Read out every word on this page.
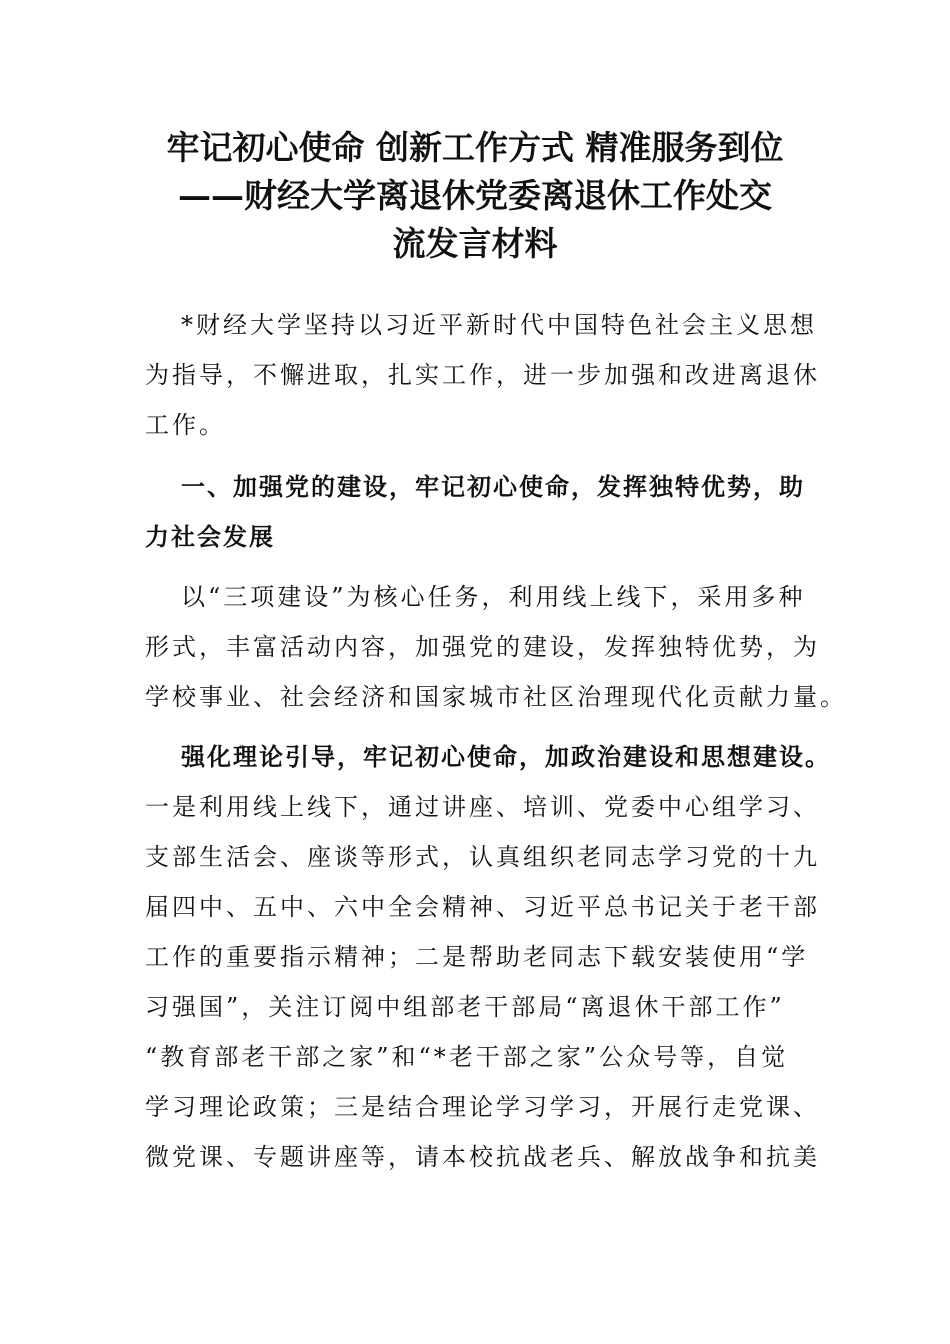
牢记初心使命 创新工作方式 精准服务到位
——财经大学离退休党委离退休工作处交
流发言材料
*财经大学坚持以习近平新时代中国特色社会主义思想
为指导，不懈进取，扎实工作，进一步加强和改进离退休
工作。
一、加强党的建设，牢记初心使命，发挥独特优势，助
力社会发展
以“三项建设”为核心任务，利用线上线下，采用多种
形式，丰富活动内容，加强党的建设，发挥独特优势，为
学校事业、社会经济和国家城市社区治理现代化贡献力量。
强化理论引导，牢记初心使命，加政治建设和思想建设。
一是利用线上线下，通过讲座、培训、党委中心组学习、
支部生活会、座谈等形式，认真组织老同志学习党的十九
届四中、五中、六中全会精神、习近平总书记关于老干部
工作的重要指示精神；二是帮助老同志下载安装使用“学
习强国”，关注订阅中组部老干部局“离退休干部工作”
“教育部老干部之家”和“*老干部之家”公众号等，自觉
学习理论政策；三是结合理论学习学习，开展行走党课、
微党课、专题讲座等，请本校抗战老兵、解放战争和抗美
